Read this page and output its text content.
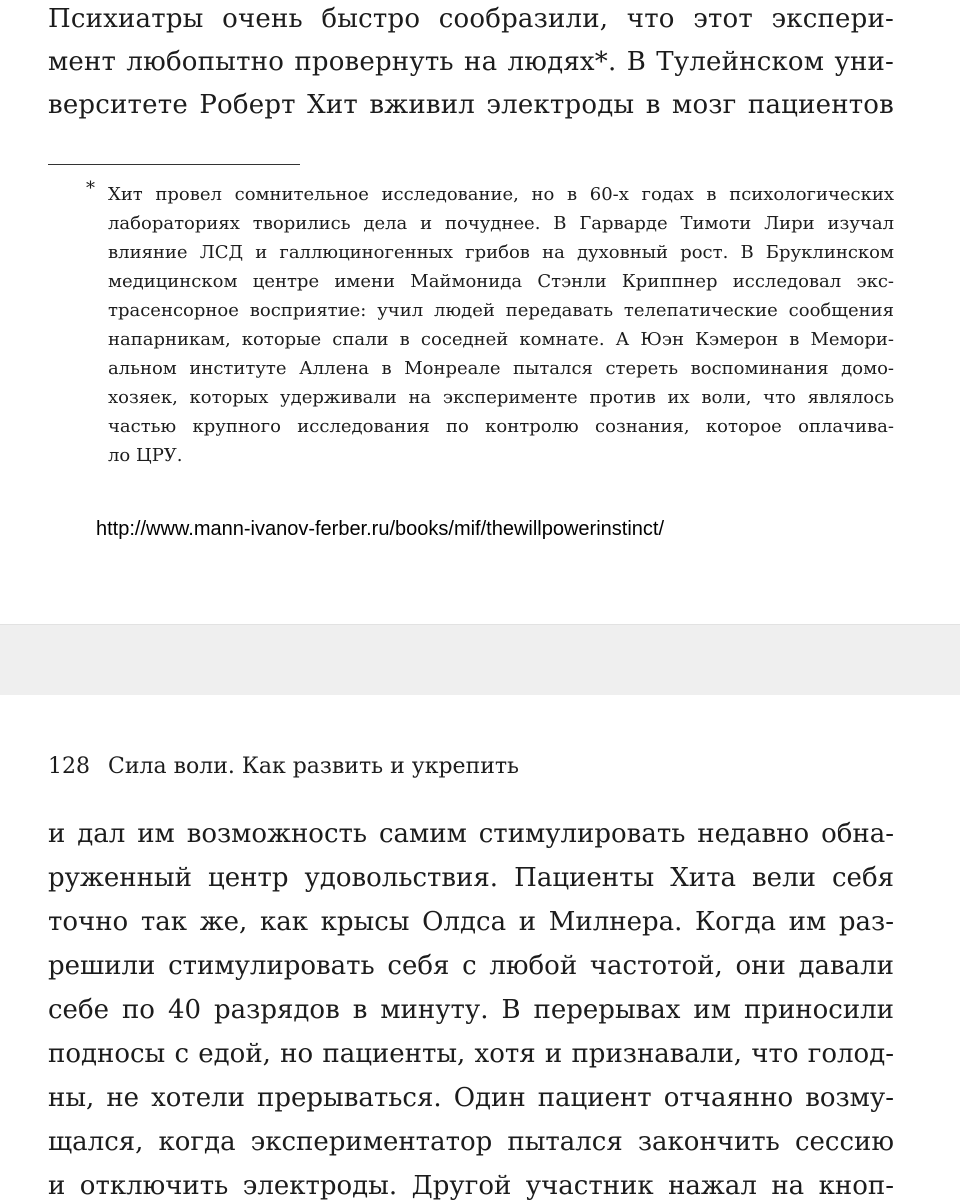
Психиатры очень быстро сообразили, что этот экспери-
мент любопытно провернуть на людях*. В Тулейнском уни-
верситете Роберт Хит вживил электроды в мозг пациентов
* Хит провел сомнительное исследование, но в 60-х годах в психологических
лабораториях творились дела и почуднее. В Гарварде Тимоти Лири изучал
влияние ЛСД и галлюциногенных грибов на духовный рост. В Бруклинском
медицинском центре имени Маймонида Стэнли Криппнер исследовал экс-
трасенсорное восприятие: учил людей передавать телепатические сообщения
напарникам, которые спали в соседней комнате. А Юэн Кэмерон в Мемори-
альном институте Аллена в Монреале пытался стереть воспоминания домо-
хозяек, которых удерживали на эксперименте против их воли, что являлось
частью крупного исследования по контролю сознания, которое оплачива-
ло ЦРУ.
http://www.mann-ivanov-ferber.ru/books/mif/thewillpowerinstinct/
128 Сила воли. Как развить и укрепить
и дал им возможность самим стимулировать недавно обна-
руженный центр удовольствия. Пациенты Хита вели себя
точно так же, как крысы Олдса и Милнера. Когда им раз-
решили стимулировать себя с любой частотой, они давали
себе по 40 разрядов в минуту. В перерывах им приносили
подносы с едой, но пациенты, хотя и признавали, что голод-
ны, не хотели прерываться. Один пациент отчаянно возму-
щался, когда экспериментатор пытался закончить сессию
и отключить электроды. Другой участник нажал на кноп-
